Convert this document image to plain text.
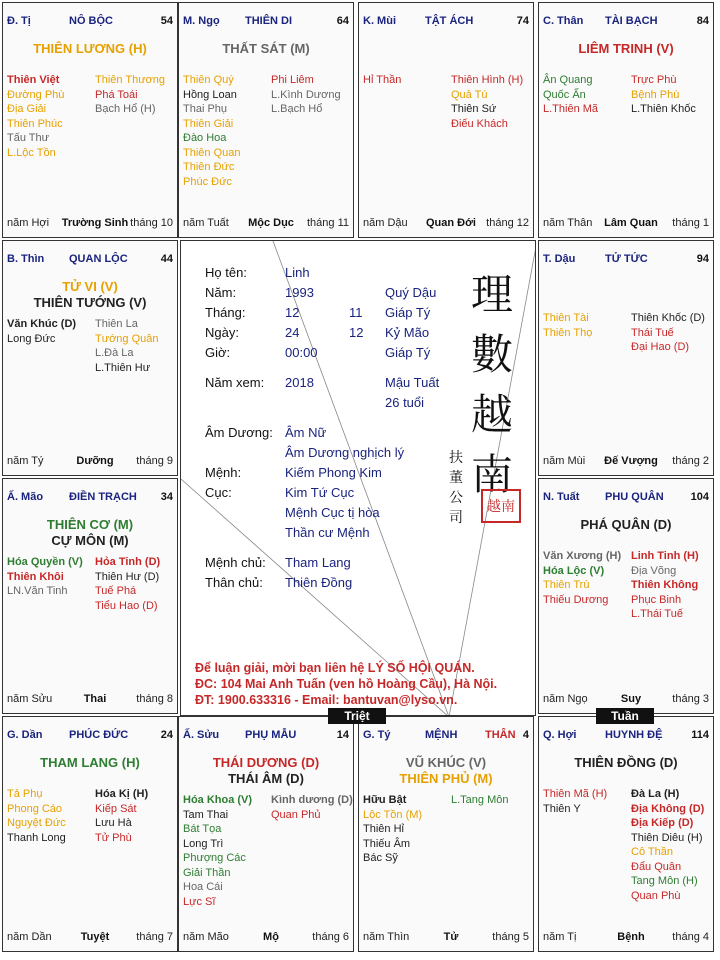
Q. Hợi	HUYNH ĐỆ	114
THIÊN ĐỒNG (D)
Thiên Mã (H)
Thiên Y
Đà La (H)
Địa Không (D)
Địa Kiếp (D)
Thiên Diêu (H)
Cô Thần
Đẩu Quân
Tang Môn (H)
Quan Phù
năm Tị	Bệnh	tháng 4
G. Tý	MỆNH	THÂN 4
VŨ KHÚC (V)
THIÊN PHỦ (M)
Hữu Bật
Lộc Tồn (M)
Thiên Hỉ
Thiếu Âm
Bác Sỹ
L.Tang Môn
năm Thìn	Tử	tháng 5
Ấ. Sửu PHỤ MẪU	14
THÁI DƯƠNG (D)
THÁI ÂM (D)
Hóa Khoa (V)
Tam Thai
Bát Tọa
Long Trì
Phượng Các
Giải Thần
Hoa Cái
Lực Sĩ
Kình dương (D)
Quan Phủ
năm Mão	Mộ	tháng 6
G. Dần PHÚC ĐỨC	24
THAM LANG (H)
Tả Phụ
Phong Cáo
Nguyệt Đức
Thanh Long
Hóa Kị (H)
Kiếp Sát
Lưu Hà
Tử Phù
năm Dần	Tuyệt	tháng 7
N. Tuất PHU QUÂN 104
PHÁ QUÂN (D)
Văn Xương (H)
Hóa Lộc (V)
Thiên Trù
Thiếu Dương
Linh Tinh (H)
Địa Võng
Thiên Không
Phục Binh
L.Thái Tuế
năm Ngọ	Suy	tháng 3
Ấ. Mão ĐIỀN TRẠCH 34
THIÊN CƠ (M)
CỰ MÔN (M)
Hóa Quyền (V)
Thiên Khôi
LN.Văn Tinh
Hỏa Tinh (D)
Thiên Hư (D)
Tuế Phá
Tiểu Hao (D)
năm Sửu	Thai	tháng 8
T. Dậu	TỬ TỨC	94
Thiên Tài
Thiên Thọ
Thiên Khốc (D)
Thái Tuế
Đại Hao (D)
năm Mùi	Đế Vượng	tháng 2
B. Thìn QUAN LỘC	44
TỬ VI (V)
THIÊN TƯỚNG (V)
Văn Khúc (D)
Long Đức
Thiên La
Tướng Quân
L.Đà La
L.Thiên Hư
năm Tý	Dưỡng	tháng 9
C. Thân TÀI BẠCH	84
LIÊM TRINH (V)
Ân Quang
Quốc Ấn
L.Thiên Mã
Trực Phù
Bệnh Phù
L.Thiên Khốc
năm Thân	Lâm Quan	tháng 1
K. Mùi	TẬT ÁCH	74
Hỉ Thần	Thiên Hình (H)
Quả Tú
Thiên Sứ
Điếu Khách
năm Dậu	Quan Đới tháng 12
M. Ngọ THIÊN DI	64
THẤT SÁT (M)
Thiên Quý
Hồng Loan
Thai Phụ
Thiên Giải
Đào Hoa
Thiên Quan
Thiên Đức
Phúc Đức
Phi Liêm
L.Kình Dương
L.Bạch Hổ
năm Tuất	Mộc Dục	tháng 11
Đ. Tị	NÔ BỘC	54
THIÊN LƯƠNG (H)
Thiên Việt
Đường Phù
Địa Giải
Thiên Phúc
Tấu Thư
L.Lộc Tồn
Thiên Thương
Phá Toái
Bạch Hổ (H)
năm Hợi	Trường Sinh tháng 10
Họ tên:	Linh
Năm:	1993	Quý Dậu
Tháng:	12	11 Giáp Tý
Ngày:	24	12 Kỷ Mão
Giờ:	00:00	Giáp Tý
Năm xem: 2018	Mậu Tuất
26 tuổi
Âm Dương: Âm Nữ
Âm Dương nghịch lý
Mệnh:	Kiếm Phong Kim
Cục:	Kim Tứ Cục
Mệnh Cục tị hòa
Thần cư Mệnh
Mệnh chủ: Tham Lang
Thân chủ: Thiên Đồng
理
數
越
南
扶
董
公
司
越南
Để luận giải, mời bạn liên hệ LÝ SỐ HỘI QUÁN.
ĐC: 104 Mai Anh Tuấn (ven hồ Hoàng Cầu), Hà Nội.
ĐT: 1900.633316 - Email: bantuvan@lyso.vn.
Triệt	Tuần
